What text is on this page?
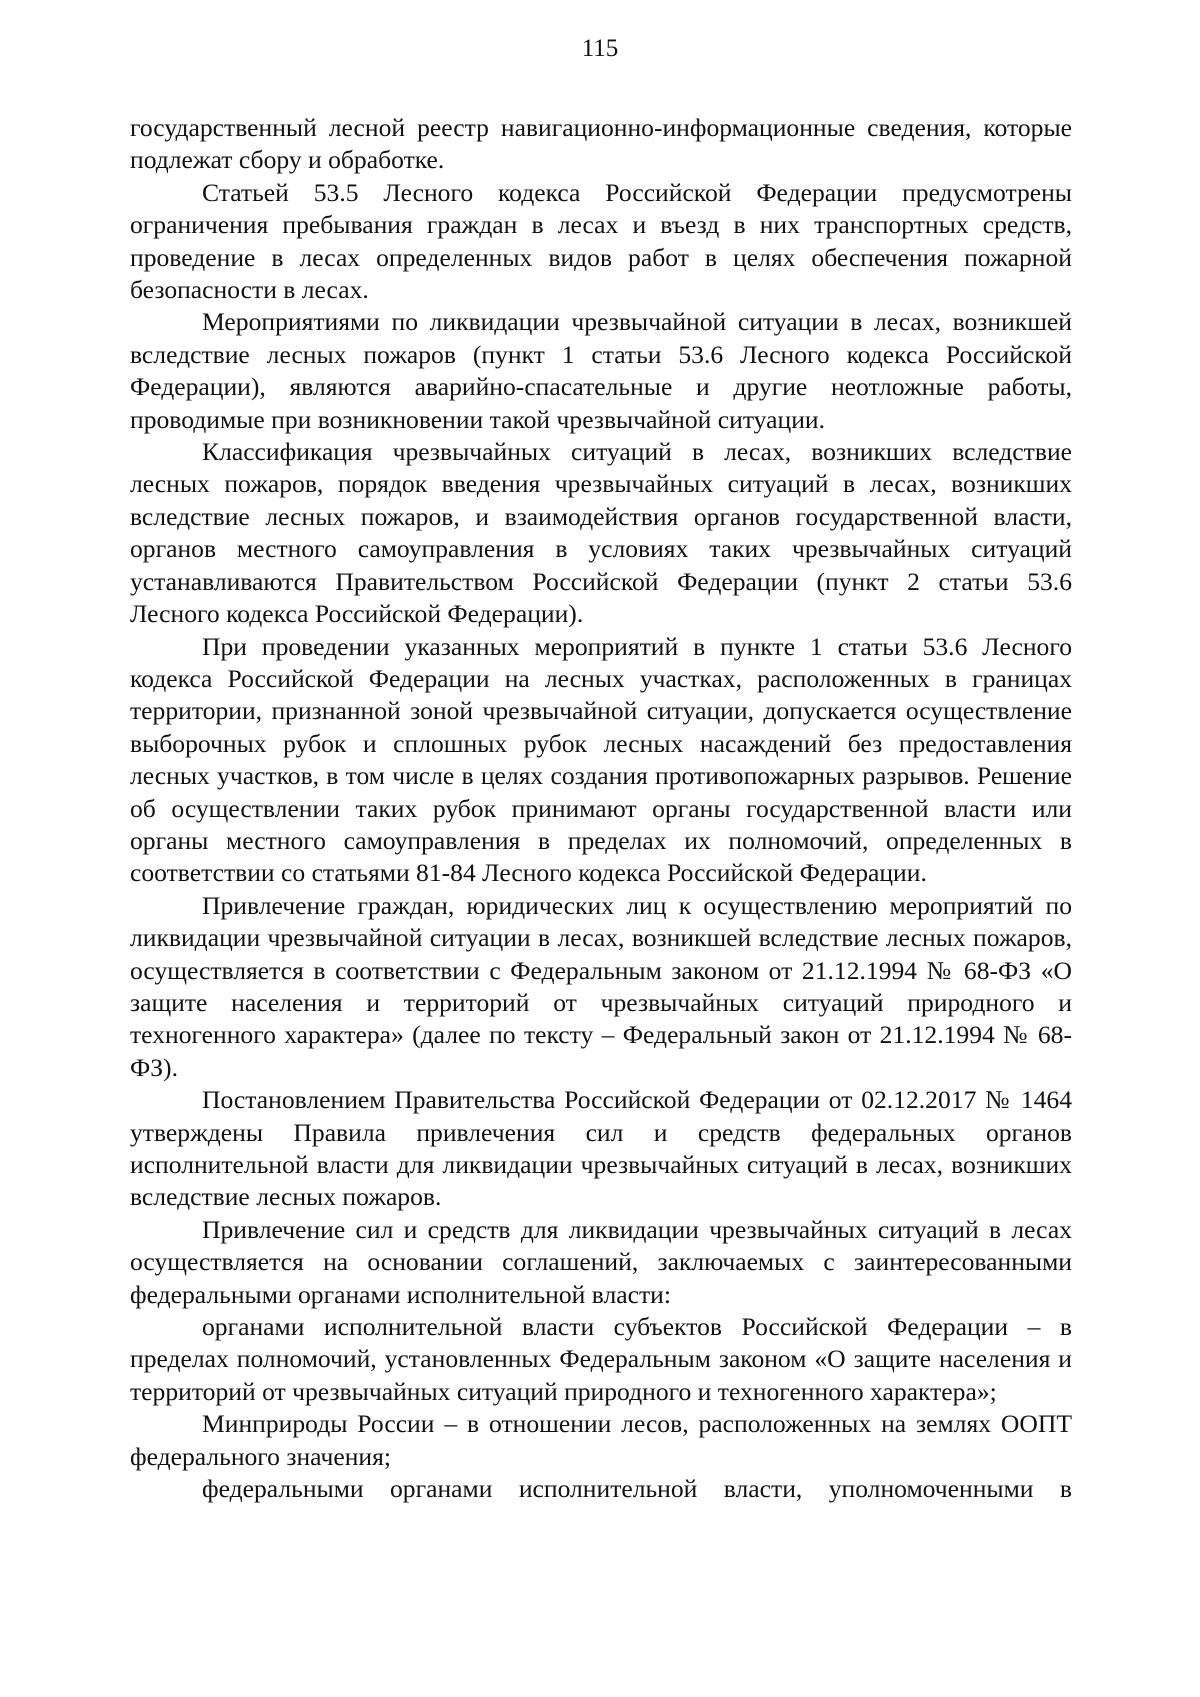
115

государственный лесной реестр навигационно-информационные сведения, которые подлежат сбору и обработке.

Статьей 53.5 Лесного кодекса Российской Федерации предусмотрены ограничения пребывания граждан в лесах и въезд в них транспортных средств, проведение в лесах определенных видов работ в целях обеспечения пожарной безопасности в лесах.

Мероприятиями по ликвидации чрезвычайной ситуации в лесах, возникшей вследствие лесных пожаров (пункт 1 статьи 53.6 Лесного кодекса Российской Федерации), являются аварийно-спасательные и другие неотложные работы, проводимые при возникновении такой чрезвычайной ситуации.

Классификация чрезвычайных ситуаций в лесах, возникших вследствие лесных пожаров, порядок введения чрезвычайных ситуаций в лесах, возникших вследствие лесных пожаров, и взаимодействия органов государственной власти, органов местного самоуправления в условиях таких чрезвычайных ситуаций устанавливаются Правительством Российской Федерации (пункт 2 статьи 53.6 Лесного кодекса Российской Федерации).

При проведении указанных мероприятий в пункте 1 статьи 53.6 Лесного кодекса Российской Федерации на лесных участках, расположенных в границах территории, признанной зоной чрезвычайной ситуации, допускается осуществление выборочных рубок и сплошных рубок лесных насаждений без предоставления лесных участков, в том числе в целях создания противопожарных разрывов. Решение об осуществлении таких рубок принимают органы государственной власти или органы местного самоуправления в пределах их полномочий, определенных в соответствии со статьями 81-84 Лесного кодекса Российской Федерации.

Привлечение граждан, юридических лиц к осуществлению мероприятий по ликвидации чрезвычайной ситуации в лесах, возникшей вследствие лесных пожаров, осуществляется в соответствии с Федеральным законом от 21.12.1994 № 68-ФЗ «О защите населения и территорий от чрезвычайных ситуаций природного и техногенного характера» (далее по тексту – Федеральный закон от 21.12.1994 № 68-ФЗ).

Постановлением Правительства Российской Федерации от 02.12.2017 № 1464 утверждены Правила привлечения сил и средств федеральных органов исполнительной власти для ликвидации чрезвычайных ситуаций в лесах, возникших вследствие лесных пожаров.

Привлечение сил и средств для ликвидации чрезвычайных ситуаций в лесах осуществляется на основании соглашений, заключаемых с заинтересованными федеральными органами исполнительной власти:

органами исполнительной власти субъектов Российской Федерации – в пределах полномочий, установленных Федеральным законом «О защите населения и территорий от чрезвычайных ситуаций природного и техногенного характера»;

Минприроды России – в отношении лесов, расположенных на землях ООПТ федерального значения;

федеральными органами исполнительной власти, уполномоченными в
